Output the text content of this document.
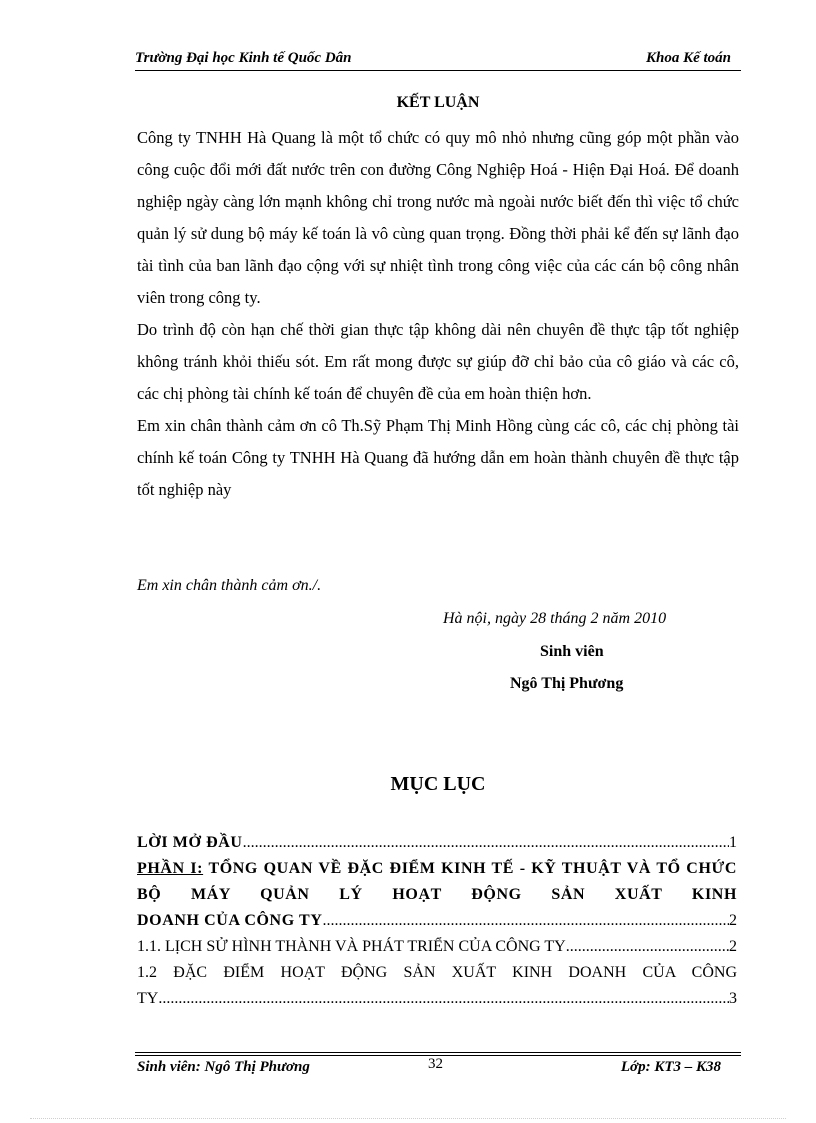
Trường Đại học Kinh tế Quốc Dân	Khoa Kế toán
KẾT LUẬN

Công ty TNHH Hà Quang là một tổ chức có quy mô nhỏ nhưng cũng góp một phần vào công cuộc đổi mới đất nước trên con đường Công Nghiệp Hoá - Hiện Đại Hoá. Để doanh nghiệp ngày càng lớn mạnh không chỉ trong nước mà ngoài nước biết đến thì việc tổ chức quản lý sử dung bộ máy kế toán là vô cùng quan trọng. Đồng thời phải kể đến sự lãnh đạo tài tình của ban lãnh đạo cộng với sự nhiệt tình trong công việc của các cán bộ công nhân viên trong công ty.

Do trình độ còn hạn chế thời gian thực tập không dài nên chuyên đề thực tập tốt nghiệp không tránh khỏi thiếu sót. Em rất mong được sự giúp đỡ chỉ bảo của cô giáo và các cô, các chị phòng tài chính kế toán để chuyên đề của em hoàn thiện hơn.

Em xin chân thành cảm ơn cô Th.Sỹ Phạm Thị Minh Hồng cùng các cô, các chị phòng tài chính kế toán Công ty TNHH Hà Quang đã hướng dẫn em hoàn thành chuyên đề thực tập tốt nghiệp này

Em xin chân thành cảm ơn./.
Hà nội, ngày 28 tháng 2 năm 2010
Sinh viên
Ngô Thị Phương
MỤC LỤC
LỜI MỞ ĐẦU .....	1
PHẦN I: TỔNG QUAN VỀ ĐẶC ĐIỂM KINH TẾ - KỸ THUẬT VÀ TỔ CHỨC BỘ MÁY QUẢN LÝ HOẠT ĐỘNG SẢN XUẤT KINH
DOANH CỦA CÔNG TY .....	2
1.1. LỊCH SỬ HÌNH THÀNH VÀ PHÁT TRIỂN CỦA CÔNG TY .....	2
1.2 ĐẶC ĐIỂM HOẠT ĐỘNG SẢN XUẤT KINH DOANH CỦA CÔNG
TY .....	3
Sinh viên: Ngô Thị Phương	32	Lớp: KT3 – K38
